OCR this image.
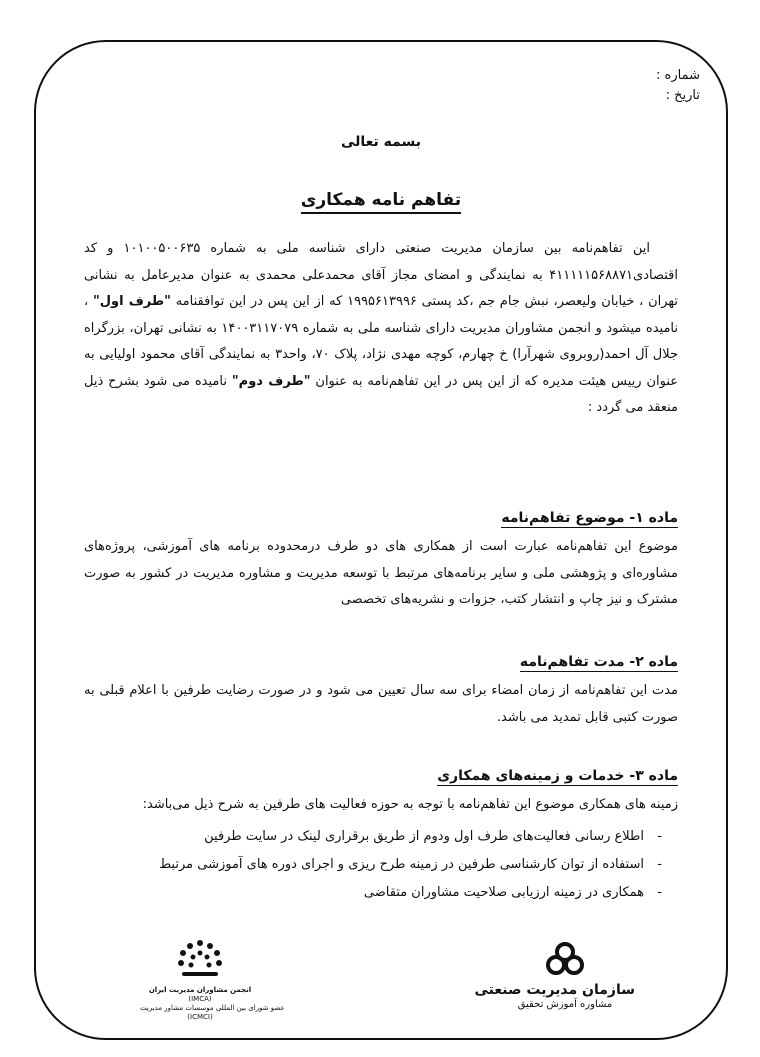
شماره :
تاریخ :
بسمه تعالی
تفاهم نامه همکاری

این تفاهم‌نامه بین سازمان مدیریت صنعتی دارای شناسه ملی به شماره ۱۰۱۰۰۵۰۰۶۳۵ و کد اقتصادی۴۱۱۱۱۱۵۶۸۸۷۱ به نمایندگی و امضای مجاز آقای محمدعلی محمدی به عنوان مدیرعامل به نشانی تهران ، خیابان ولیعصر، نبش جام جم ،کد پستی ۱۹۹۵۶۱۳۹۹۶ که از این پس در این توافقنامه "طرف اول" ، نامیده میشود و انجمن مشاوران مدیریت دارای شناسه ملی به شماره ۱۴۰۰۳۱۱۷۰۷۹ به نشانی تهران، بزرگراه جلال آل احمد(روبروی شهرآرا) خ چهارم، کوچه مهدی نژاد، پلاک ۷۰، واحد۳ به نمایندگی آقای محمود اولیایی به عنوان رییس هیئت مدیره که از این پس در این تفاهم‌نامه به عنوان "طرف دوم" نامیده می شود بشرح ذیل منعقد می گردد :

ماده ۱- موضوع تفاهم‌نامه

موضوع این تفاهم‌نامه عبارت است از همکاری های دو طرف درمحدوده برنامه های آموزشی، پروژه‌های مشاوره‌ای و پژوهشی ملی و سایر برنامه‌های مرتبط با توسعه مدیریت و مشاوره مدیریت در کشور به صورت مشترک و نیز چاپ و انتشار کتب، جزوات و نشریه‌های تخصصی

ماده ۲- مدت تفاهم‌نامه

مدت این تفاهم‌نامه از زمان امضاء برای سه سال تعیین می شود و در صورت رضایت طرفین با اعلام قبلی به صورت کتبی قابل تمدید می باشد.

ماده ۳- خدمات و زمینه‌های همکاری

زمینه های همکاری موضوع این تفاهم‌نامه با توجه به حوزه فعالیت های طرفین به شرح ذیل می‌باشد:

- اطلاع رسانی فعالیت‌های طرف اول ودوم از طریق برقراری لینک در سایت طرفین
- استفاده از توان کارشناسی طرفین در زمینه طرح ریزی و اجرای دوره های آموزشی مرتبط
- همکاری در زمینه ارزیابی صلاحیت مشاوران متقاضی
انجمن مشاوران مدیریت ایران
(IMCA)
عضو شورای بین المللی موسسات مشاور مدیریت
(ICMCI)
سازمان مدیریت صنعتی
مشاوره آموزش تحقیق
